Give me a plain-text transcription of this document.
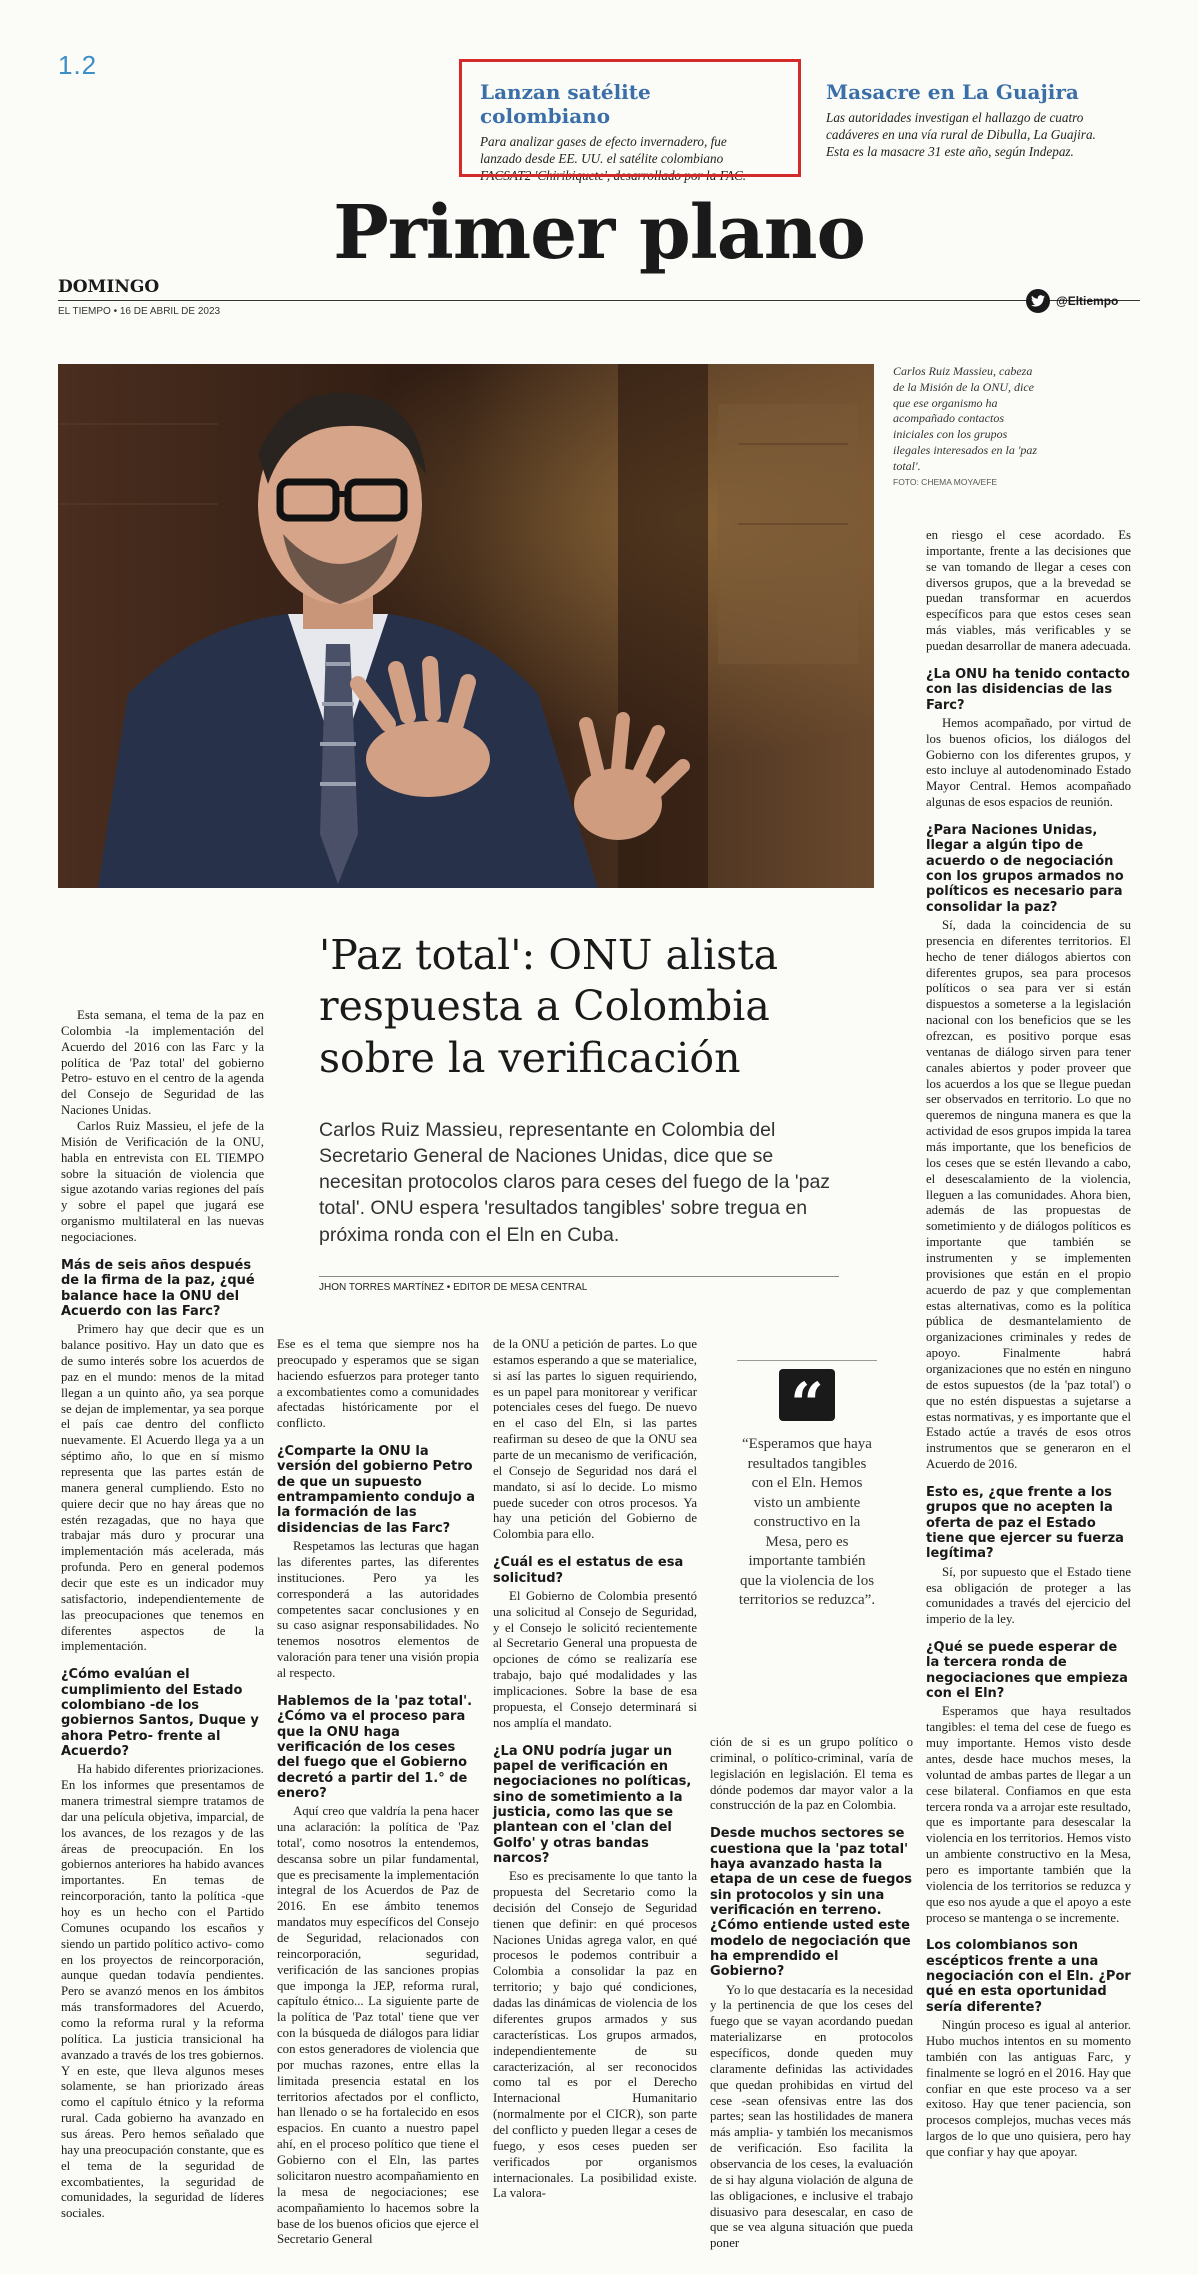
1.2
Lanzan satélite colombiano

Para analizar gases de efecto invernadero, fue lanzado desde EE. UU. el satélite colombiano FACSAT2 'Chiribiquete', desarrollado por la FAC.

Masacre en La Guajira

Las autoridades investigan el hallazgo de cuatro cadáveres en una vía rural de Dibulla, La Guajira. Esta es la masacre 31 este año, según Indepaz.

Primer plano
DOMINGO
EL TIEMPO • 16 DE ABRIL DE 2023
@Eltiempo
Carlos Ruiz Massieu, cabeza de la Misión de la ONU, dice que ese organismo ha acompañado contactos iniciales con los grupos ilegales interesados en la 'paz total'.
FOTO: CHEMA MOYA/EFE
'Paz total': ONU alista respuesta a Colombia sobre la verificación
Carlos Ruiz Massieu, representante en Colombia del Secretario General de Naciones Unidas, dice que se necesitan protocolos claros para ceses del fuego de la 'paz total'. ONU espera 'resultados tangibles' sobre tregua en próxima ronda con el Eln en Cuba.
JHON TORRES MARTÍNEZ • EDITOR DE MESA CENTRAL

Esta semana, el tema de la paz en Colombia -la implementación del Acuerdo del 2016 con las Farc y la política de 'Paz total' del gobierno Petro- estuvo en el centro de la agenda del Consejo de Seguridad de las Naciones Unidas.

Carlos Ruiz Massieu, el jefe de la Misión de Verificación de la ONU, habla en entrevista con EL TIEMPO sobre la situación de violencia que sigue azotando varias regiones del país y sobre el papel que jugará ese organismo multilateral en las nuevas negociaciones.

Más de seis años después de la firma de la paz, ¿qué balance hace la ONU del Acuerdo con las Farc?

Primero hay que decir que es un balance positivo. Hay un dato que es de sumo interés sobre los acuerdos de paz en el mundo: menos de la mitad llegan a un quinto año, ya sea porque se dejan de implementar, ya sea porque el país cae dentro del conflicto nuevamente. El Acuerdo llega ya a un séptimo año, lo que en sí mismo representa que las partes están de manera general cumpliendo. Esto no quiere decir que no hay áreas que no estén rezagadas, que no haya que trabajar más duro y procurar una implementación más acelerada, más profunda. Pero en general podemos decir que este es un indicador muy satisfactorio, independientemente de las preocupaciones que tenemos en diferentes aspectos de la implementación.

¿Cómo evalúan el cumplimiento del Estado colombiano -de los gobiernos Santos, Duque y ahora Petro- frente al Acuerdo?

Ha habido diferentes priorizaciones. En los informes que presentamos de manera trimestral siempre tratamos de dar una película objetiva, imparcial, de los avances, de los rezagos y de las áreas de preocupación. En los gobiernos anteriores ha habido avances importantes. En temas de reincorporación, tanto la política -que hoy es un hecho con el Partido Comunes ocupando los escaños y siendo un partido político activo- como en los proyectos de reincorporación, aunque quedan todavía pendientes. Pero se avanzó menos en los ámbitos más transformadores del Acuerdo, como la reforma rural y la reforma política. La justicia transicional ha avanzado a través de los tres gobiernos. Y en este, que lleva algunos meses solamente, se han priorizado áreas como el capítulo étnico y la reforma rural. Cada gobierno ha avanzado en sus áreas. Pero hemos señalado que hay una preocupación constante, que es el tema de la seguridad de excombatientes, la seguridad de comunidades, la seguridad de líderes sociales.

Ese es el tema que siempre nos ha preocupado y esperamos que se sigan haciendo esfuerzos para proteger tanto a excombatientes como a comunidades afectadas históricamente por el conflicto.

¿Comparte la ONU la versión del gobierno Petro de que un supuesto entrampamiento condujo a la formación de las disidencias de las Farc?

Respetamos las lecturas que hagan las diferentes partes, las diferentes instituciones. Pero ya les corresponderá a las autoridades competentes sacar conclusiones y en su caso asignar responsabilidades. No tenemos nosotros elementos de valoración para tener una visión propia al respecto.

Hablemos de la 'paz total'. ¿Cómo va el proceso para que la ONU haga verificación de los ceses del fuego que el Gobierno decretó a partir del 1.° de enero?

Aquí creo que valdría la pena hacer una aclaración: la política de 'Paz total', como nosotros la entendemos, descansa sobre un pilar fundamental, que es precisamente la implementación integral de los Acuerdos de Paz de 2016. En ese ámbito tenemos mandatos muy específicos del Consejo de Seguridad, relacionados con reincorporación, seguridad, verificación de las sanciones propias que imponga la JEP, reforma rural, capítulo étnico... La siguiente parte de la política de 'Paz total' tiene que ver con la búsqueda de diálogos para lidiar con estos generadores de violencia que por muchas razones, entre ellas la limitada presencia estatal en los territorios afectados por el conflicto, han llenado o se ha fortalecido en esos espacios. En cuanto a nuestro papel ahí, en el proceso político que tiene el Gobierno con el Eln, las partes solicitaron nuestro acompañamiento en la mesa de negociaciones; ese acompañamiento lo hacemos sobre la base de los buenos oficios que ejerce el Secretario General

de la ONU a petición de partes. Lo que estamos esperando a que se materialice, si así las partes lo siguen requiriendo, es un papel para monitorear y verificar potenciales ceses del fuego. De nuevo en el caso del Eln, si las partes reafirman su deseo de que la ONU sea parte de un mecanismo de verificación, el Consejo de Seguridad nos dará el mandato, si así lo decide. Lo mismo puede suceder con otros procesos. Ya hay una petición del Gobierno de Colombia para ello.

¿Cuál es el estatus de esa solicitud?

El Gobierno de Colombia presentó una solicitud al Consejo de Seguridad, y el Consejo le solicitó recientemente al Secretario General una propuesta de opciones de cómo se realizaría ese trabajo, bajo qué modalidades y las implicaciones. Sobre la base de esa propuesta, el Consejo determinará si nos amplía el mandato.

¿La ONU podría jugar un papel de verificación en negociaciones no políticas, sino de sometimiento a la justicia, como las que se plantean con el 'clan del Golfo' y otras bandas narcos?

Eso es precisamente lo que tanto la propuesta del Secretario como la decisión del Consejo de Seguridad tienen que definir: en qué procesos Naciones Unidas agrega valor, en qué procesos le podemos contribuir a Colombia a consolidar la paz en territorio; y bajo qué condiciones, dadas las dinámicas de violencia de los diferentes grupos armados y sus características. Los grupos armados, independientemente de su caracterización, al ser reconocidos como tal es por el Derecho Internacional Humanitario (normalmente por el CICR), son parte del conflicto y pueden llegar a ceses de fuego, y esos ceses pueden ser verificados por organismos internacionales. La posibilidad existe. La valora-

“
“Esperamos que haya resultados tangibles con el Eln. Hemos visto un ambiente constructivo en la Mesa, pero es importante también que la violencia de los territorios se reduzca”.

ción de si es un grupo político o criminal, o político-criminal, varía de legislación en legislación. El tema es dónde podemos dar mayor valor a la construcción de la paz en Colombia.

Desde muchos sectores se cuestiona que la 'paz total' haya avanzado hasta la etapa de un cese de fuegos sin protocolos y sin una verificación en terreno. ¿Cómo entiende usted este modelo de negociación que ha emprendido el Gobierno?

Yo lo que destacaría es la necesidad y la pertinencia de que los ceses del fuego que se vayan acordando puedan materializarse en protocolos específicos, donde queden muy claramente definidas las actividades que quedan prohibidas en virtud del cese -sean ofensivas entre las dos partes; sean las hostilidades de manera más amplia- y también los mecanismos de verificación. Eso facilita la observancia de los ceses, la evaluación de si hay alguna violación de alguna de las obligaciones, e inclusive el trabajo disuasivo para desescalar, en caso de que se vea alguna situación que pueda poner

en riesgo el cese acordado. Es importante, frente a las decisiones que se van tomando de llegar a ceses con diversos grupos, que a la brevedad se puedan transformar en acuerdos específicos para que estos ceses sean más viables, más verificables y se puedan desarrollar de manera adecuada.

¿La ONU ha tenido contacto con las disidencias de las Farc?

Hemos acompañado, por virtud de los buenos oficios, los diálogos del Gobierno con los diferentes grupos, y esto incluye al autodenominado Estado Mayor Central. Hemos acompañado algunas de esos espacios de reunión.

¿Para Naciones Unidas, llegar a algún tipo de acuerdo o de negociación con los grupos armados no políticos es necesario para consolidar la paz?

Sí, dada la coincidencia de su presencia en diferentes territorios. El hecho de tener diálogos abiertos con diferentes grupos, sea para procesos políticos o sea para ver si están dispuestos a someterse a la legislación nacional con los beneficios que se les ofrezcan, es positivo porque esas ventanas de diálogo sirven para tener canales abiertos y poder proveer que los acuerdos a los que se llegue puedan ser observados en territorio. Lo que no queremos de ninguna manera es que la actividad de esos grupos impida la tarea más importante, que los beneficios de los ceses que se estén llevando a cabo, el desescalamiento de la violencia, lleguen a las comunidades. Ahora bien, además de las propuestas de sometimiento y de diálogos políticos es importante que también se instrumenten y se implementen provisiones que están en el propio acuerdo de paz y que complementan estas alternativas, como es la política pública de desmantelamiento de organizaciones criminales y redes de apoyo. Finalmente habrá organizaciones que no estén en ninguno de estos supuestos (de la 'paz total') o que no estén dispuestas a sujetarse a estas normativas, y es importante que el Estado actúe a través de esos otros instrumentos que se generaron en el Acuerdo de 2016.

Esto es, ¿que frente a los grupos que no acepten la oferta de paz el Estado tiene que ejercer su fuerza legítima?

Sí, por supuesto que el Estado tiene esa obligación de proteger a las comunidades a través del ejercicio del imperio de la ley.

¿Qué se puede esperar de la tercera ronda de negociaciones que empieza con el Eln?

Esperamos que haya resultados tangibles: el tema del cese de fuego es muy importante. Hemos visto desde antes, desde hace muchos meses, la voluntad de ambas partes de llegar a un cese bilateral. Confiamos en que esta tercera ronda va a arrojar este resultado, que es importante para desescalar la violencia en los territorios. Hemos visto un ambiente constructivo en la Mesa, pero es importante también que la violencia de los territorios se reduzca y que eso nos ayude a que el apoyo a este proceso se mantenga o se incremente.

Los colombianos son escépticos frente a una negociación con el Eln. ¿Por qué en esta oportunidad sería diferente?

Ningún proceso es igual al anterior. Hubo muchos intentos en su momento también con las antiguas Farc, y finalmente se logró en el 2016. Hay que confiar en que este proceso va a ser exitoso. Hay que tener paciencia, son procesos complejos, muchas veces más largos de lo que uno quisiera, pero hay que confiar y hay que apoyar.
